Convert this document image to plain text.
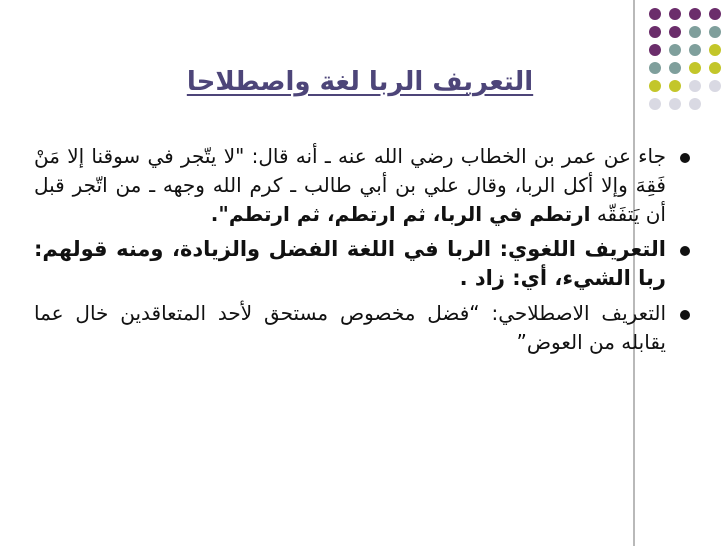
التعريف الربا لغة واصطلاحا
جاء عن عمر بن الخطاب رضي الله عنه ـ أنه قال: "لا يتّجر في سوقنا إلا مَنْ فَقِهَ وإلا أكل الربا، وقال علي بن أبي طالب ـ كرم الله وجهه ـ من اتّجر قبل أن يَتفَقّه ارتطم في الربا، ثم ارتطم، ثم ارتطم".
التعريف اللغوي: الربا في اللغة الفضل والزيادة، ومنه قولهم: ربا الشيء، أي: زاد .
التعريف الاصطلاحي: “فضل مخصوص مستحق لأحد المتعاقدين خال عما يقابله من العوض”
